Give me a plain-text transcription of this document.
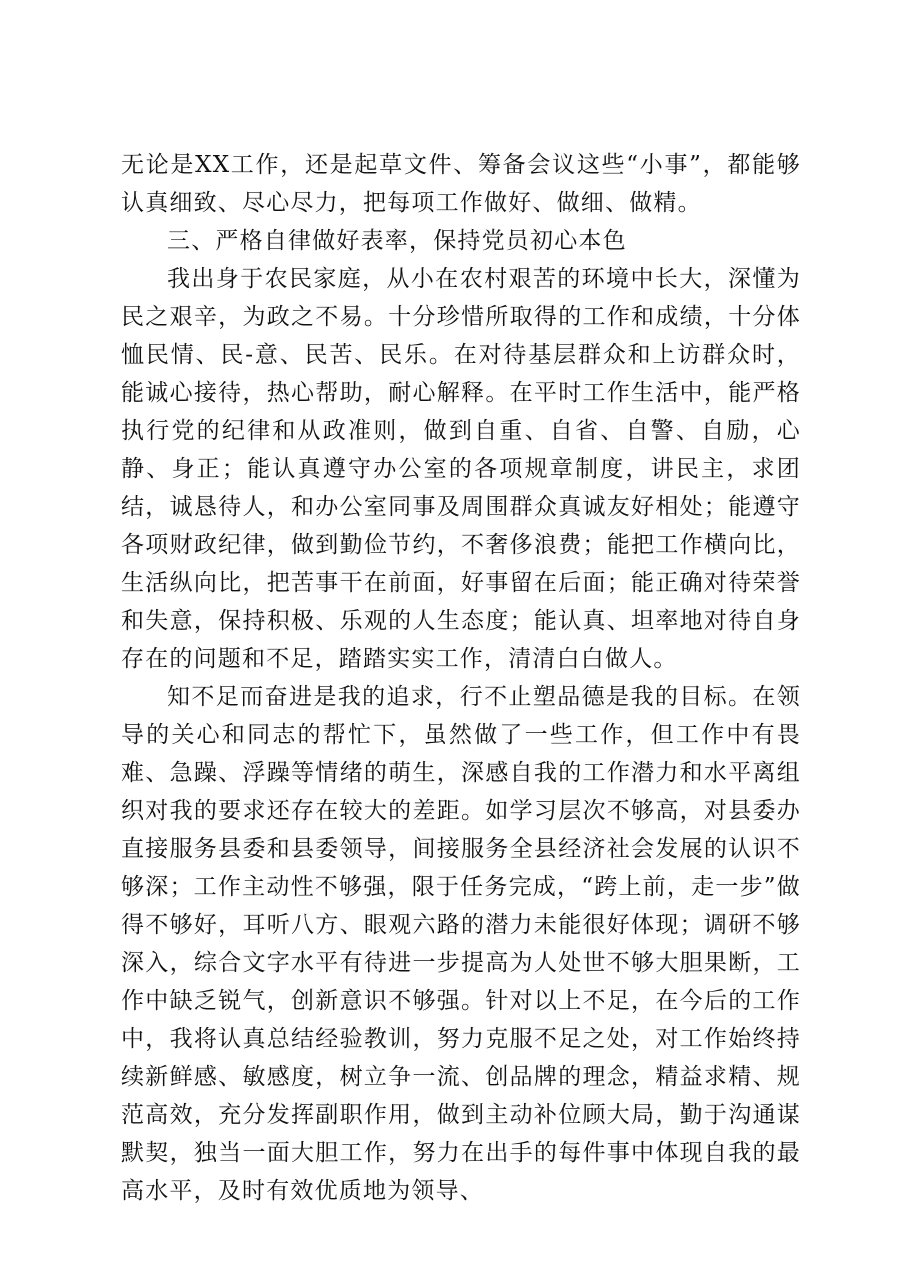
无论是XX工作，还是起草文件、筹备会议这些“小事”，都能够认真细致、尽心尽力，把每项工作做好、做细、做精。

三、严格自律做好表率，保持党员初心本色

我出身于农民家庭，从小在农村艰苦的环境中长大，深懂为民之艰辛，为政之不易。十分珍惜所取得的工作和成绩，十分体恤民情、民-意、民苦、民乐。在对待基层群众和上访群众时，能诚心接待，热心帮助，耐心解释。在平时工作生活中，能严格执行党的纪律和从政准则，做到自重、自省、自警、自励，心静、身正；能认真遵守办公室的各项规章制度，讲民主，求团结，诚恳待人，和办公室同事及周围群众真诚友好相处；能遵守各项财政纪律，做到勤俭节约，不奢侈浪费；能把工作横向比，生活纵向比，把苦事干在前面，好事留在后面；能正确对待荣誉和失意，保持积极、乐观的人生态度；能认真、坦率地对待自身存在的问题和不足，踏踏实实工作，清清白白做人。

知不足而奋进是我的追求，行不止塑品德是我的目标。在领导的关心和同志的帮忙下，虽然做了一些工作，但工作中有畏难、急躁、浮躁等情绪的萌生，深感自我的工作潜力和水平离组织对我的要求还存在较大的差距。如学习层次不够高，对县委办直接服务县委和县委领导，间接服务全县经济社会发展的认识不够深；工作主动性不够强，限于任务完成，“跨上前，走一步”做得不够好，耳听八方、眼观六路的潜力未能很好体现；调研不够深入，综合文字水平有待进一步提高为人处世不够大胆果断，工作中缺乏锐气，创新意识不够强。针对以上不足，在今后的工作中，我将认真总结经验教训，努力克服不足之处，对工作始终持续新鲜感、敏感度，树立争一流、创品牌的理念，精益求精、规范高效，充分发挥副职作用，做到主动补位顾大局，勤于沟通谋默契，独当一面大胆工作，努力在出手的每件事中体现自我的最高水平，及时有效优质地为领导、
